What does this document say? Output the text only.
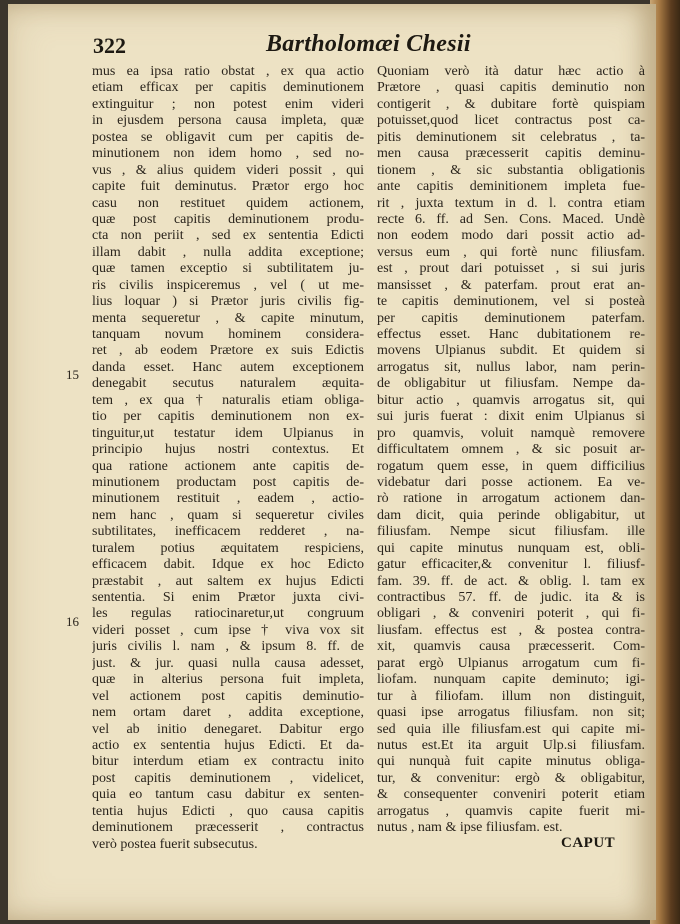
322	Bartholomæi Chesii
mus ea ipsa ratio obstat , ex qua actio
etiam efficax per capitis deminutionem
extinguitur ; non potest enim videri
in ejusdem persona causa impleta, quæ
postea se obligavit cum per capitis de-
minutionem non idem homo , sed no-
vus , & alius quidem videri possit , qui
capite fuit deminutus. Prætor ergo hoc
casu non restituet quidem actionem,
quæ post capitis deminutionem produ-
cta non periit , sed ex sententia Edicti
illam dabit , nulla addita exceptione;
quæ tamen exceptio si subtilitatem ju-
ris civilis inspiceremus , vel ( ut me-
lius loquar ) si Prætor juris civilis fig-
menta sequeretur , & capite minutum,
tanquam novum hominem considera-
ret , ab eodem Prætore ex suis Edictis
danda esset. Hanc autem exceptionem
denegabit secutus naturalem æquita-
tem , ex qua † naturalis etiam obliga-
tio per capitis deminutionem non ex-
tinguitur,ut testatur idem Ulpianus in
principio hujus nostri contextus. Et
qua ratione actionem ante capitis de-
minutionem productam post capitis de-
minutionem restituit , eadem , actio-
nem hanc , quam si sequeretur civiles
subtilitates, inefficacem redderet , na-
turalem potius æquitatem respiciens,
efficacem dabit. Idque ex hoc Edicto
præstabit , aut saltem ex hujus Edicti
sententia. Si enim Prætor juxta civi-
les regulas ratiocinaretur,ut congruum
videri posset , cum ipse † viva vox sit
juris civilis l. nam , & ipsum 8. ff. de
just. & jur. quasi nulla causa adesset,
quæ in alterius persona fuit impleta,
vel actionem post capitis deminutio-
nem ortam daret , addita exceptione,
vel ab initio denegaret. Dabitur ergo
actio ex sententia hujus Edicti. Et da-
bitur interdum etiam ex contractu inito
post capitis deminutionem , videlicet,
quia eo tantum casu dabitur ex senten-
tentia hujus Edicti , quo causa capitis
deminutionem præcesserit , contractus
verò postea fuerit subsecutus.
Quoniam verò ità datur hæc actio à
Prætore , quasi capitis deminutio non
contigerit , & dubitare fortè quispiam
potuisset,quod licet contractus post ca-
pitis deminutionem sit celebratus , ta-
men causa præcesserit capitis deminu-
tionem , & sic substantia obligationis
ante capitis deminitionem impleta fue-
rit , juxta textum in d. l. contra etiam
recte 6. ff. ad Sen. Cons. Maced. Undè
non eodem modo dari possit actio ad-
versus eum , qui fortè nunc filiusfam.
est , prout dari potuisset , si sui juris
mansisset , & paterfam. prout erat an-
te capitis deminutionem, vel si posteà
per capitis deminutionem paterfam.
effectus esset. Hanc dubitationem re-
movens Ulpianus subdit. Et quidem si
arrogatus sit, nullus labor, nam perin-
de obligabitur ut filiusfam. Nempe da-
bitur actio , quamvis arrogatus sit, qui
sui juris fuerat : dixit enim Ulpianus si
pro quamvis, voluit namquè removere
difficultatem omnem , & sic posuit ar-
rogatum quem esse, in quem difficilius
videbatur dari posse actionem. Ea ve-
rò ratione in arrogatum actionem dan-
dam dicit, quia perinde obligabitur, ut
filiusfam. Nempe sicut filiusfam. ille
qui capite minutus nunquam est, obli-
gatur efficaciter,& convenitur l. filiusf-
fam. 39. ff. de act. & oblig. l. tam ex
contractibus 57. ff. de judic. ita & is
obligari , & conveniri poterit , qui fi-
liusfam. effectus est , & postea contra-
xit, quamvis causa præcesserit. Com-
parat ergò Ulpianus arrogatum cum fi-
liofam. nunquam capite deminuto; igi-
tur à filiofam. illum non distinguit,
quasi ipse arrogatus filiusfam. non sit;
sed quia ille filiusfam.est qui capite mi-
nutus est.Et ita arguit Ulp.si filiusfam.
qui nunquà fuit capite minutus obliga-
tur, & convenitur: ergò & obligabitur,
& consequenter conveniri poterit etiam
arrogatus , quamvis capite fuerit mi-
nutus , nam & ipse filiusfam. est.
15
16
CAPUT
